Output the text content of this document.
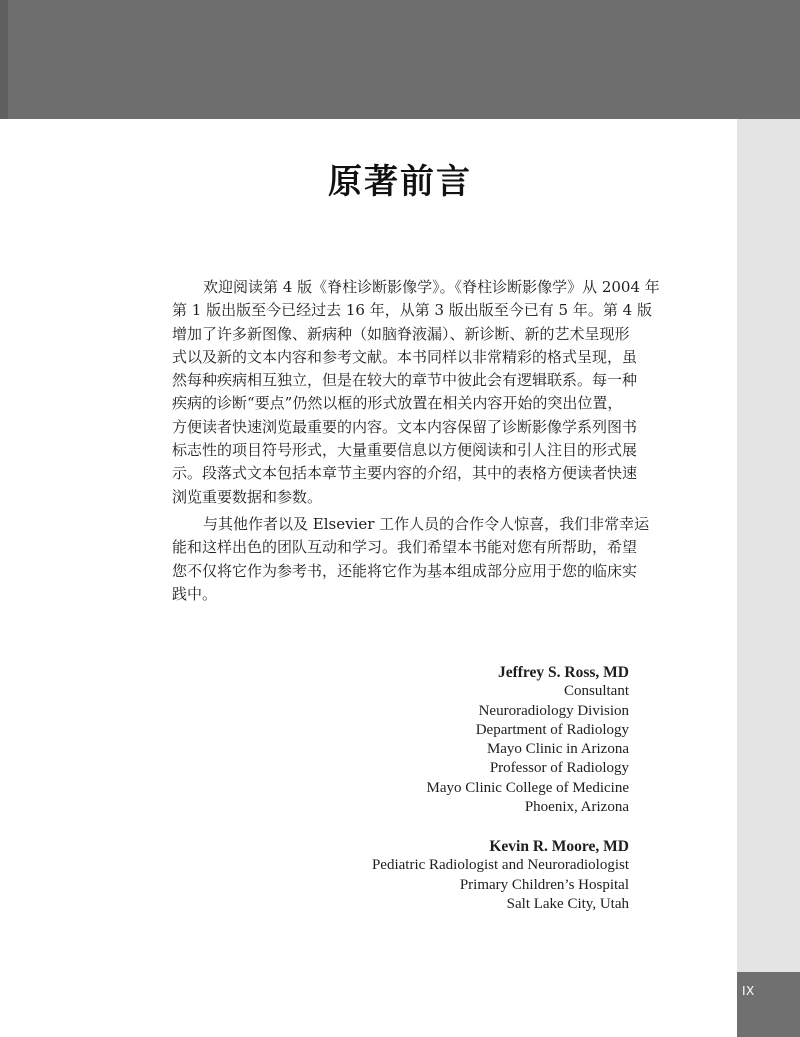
IX
原著前言
欢迎阅读第 4 版《脊柱诊断影像学》。《脊柱诊断影像学》从 2004 年
第 1 版出版至今已经过去 16 年，从第 3 版出版至今已有 5 年。第 4 版
增加了许多新图像、新病种（如脑脊液漏）、新诊断、新的艺术呈现形
式以及新的文本内容和参考文献。本书同样以非常精彩的格式呈现，虽
然每种疾病相互独立，但是在较大的章节中彼此会有逻辑联系。每一种
疾病的诊断“要点”仍然以框的形式放置在相关内容开始的突出位置，
方便读者快速浏览最重要的内容。文本内容保留了诊断影像学系列图书
标志性的项目符号形式，大量重要信息以方便阅读和引人注目的形式展
示。段落式文本包括本章节主要内容的介绍，其中的表格方便读者快速
浏览重要数据和参数。
与其他作者以及 Elsevier 工作人员的合作令人惊喜，我们非常幸运
能和这样出色的团队互动和学习。我们希望本书能对您有所帮助，希望
您不仅将它作为参考书，还能将它作为基本组成部分应用于您的临床实
践中。
Jeffrey S. Ross, MD
Consultant
Neuroradiology Division
Department of Radiology
Mayo Clinic in Arizona
Professor of Radiology
Mayo Clinic College of Medicine
Phoenix, Arizona
Kevin R. Moore, MD
Pediatric Radiologist and Neuroradiologist
Primary Children’s Hospital
Salt Lake City, Utah
